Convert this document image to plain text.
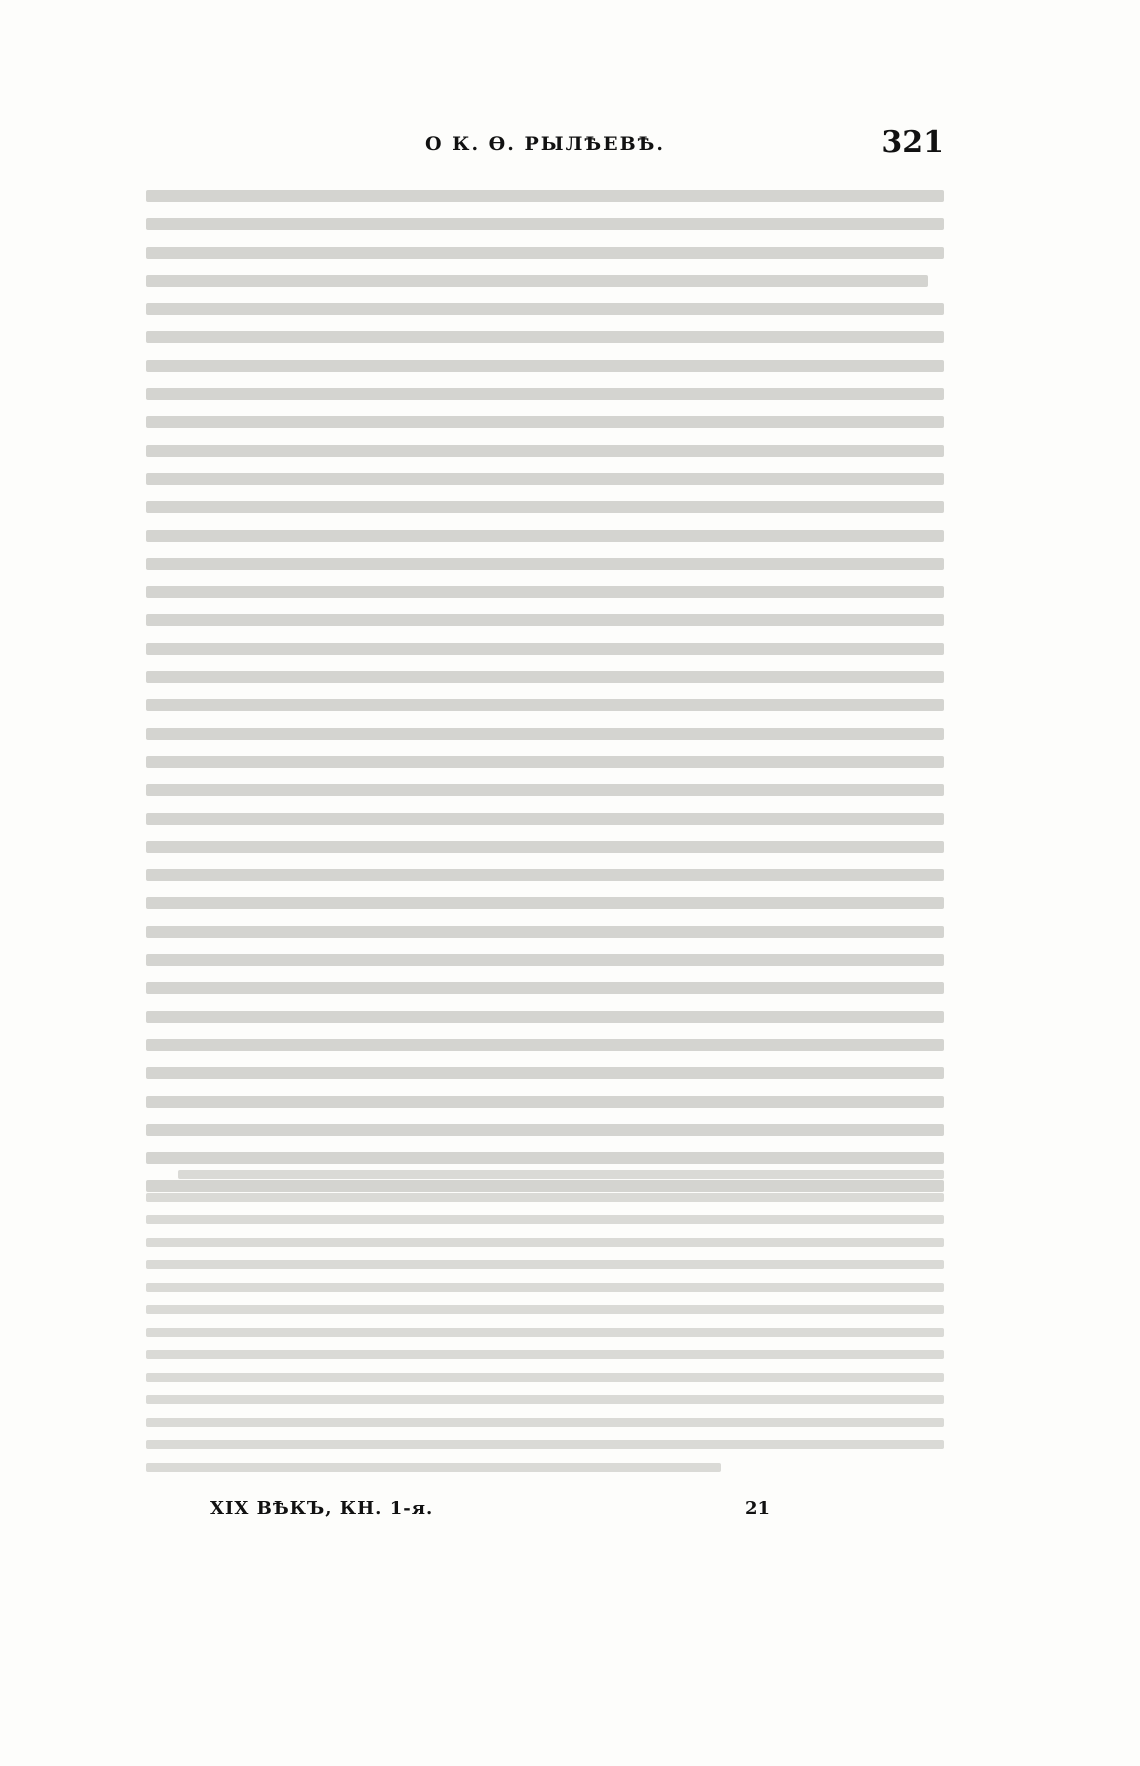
О К. Ѳ. РЫЛѢЕВѢ.	321
XIX ВѢКЪ, КН. 1-я.	21
